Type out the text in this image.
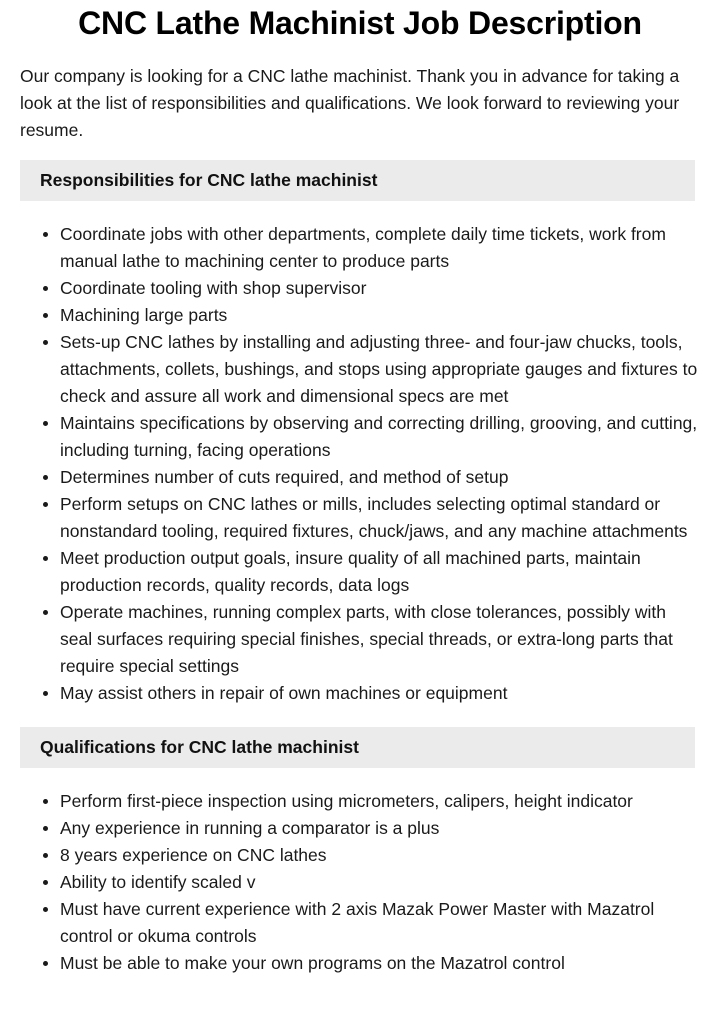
CNC Lathe Machinist Job Description

Our company is looking for a CNC lathe machinist. Thank you in advance for taking a look at the list of responsibilities and qualifications. We look forward to reviewing your resume.

Responsibilities for CNC lathe machinist
Coordinate jobs with other departments, complete daily time tickets, work from manual lathe to machining center to produce parts
Coordinate tooling with shop supervisor
Machining large parts
Sets-up CNC lathes by installing and adjusting three- and four-jaw chucks, tools, attachments, collets, bushings, and stops using appropriate gauges and fixtures to check and assure all work and dimensional specs are met
Maintains specifications by observing and correcting drilling, grooving, and cutting, including turning, facing operations
Determines number of cuts required, and method of setup
Perform setups on CNC lathes or mills, includes selecting optimal standard or nonstandard tooling, required fixtures, chuck/jaws, and any machine attachments
Meet production output goals, insure quality of all machined parts, maintain production records, quality records, data logs
Operate machines, running complex parts, with close tolerances, possibly with seal surfaces requiring special finishes, special threads, or extra-long parts that require special settings
May assist others in repair of own machines or equipment
Qualifications for CNC lathe machinist
Perform first-piece inspection using micrometers, calipers, height indicator
Any experience in running a comparator is a plus
8 years experience on CNC lathes
Ability to identify scaled v
Must have current experience with 2 axis Mazak Power Master with Mazatrol control or okuma controls
Must be able to make your own programs on the Mazatrol control
